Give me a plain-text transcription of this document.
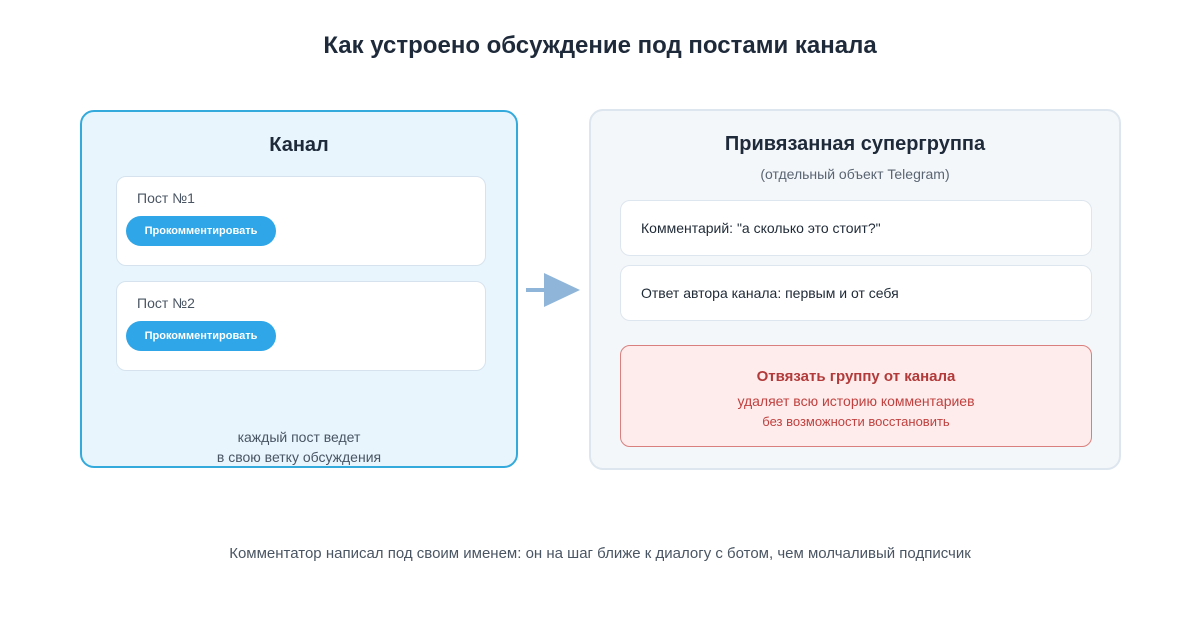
Как устроено обсуждение под постами канала
Канал
Пост №1
Прокомментировать
Пост №2
Прокомментировать
каждый пост ведет
в свою ветку обсуждения
Привязанная супергруппа
(отдельный объект Telegram)
Комментарий: "а сколько это стоит?"
Ответ автора канала: первым и от себя
Отвязать группу от канала
удаляет всю историю комментариев
без возможности восстановить
Комментатор написал под своим именем: он на шаг ближе к диалогу с ботом, чем молчаливый подписчик
